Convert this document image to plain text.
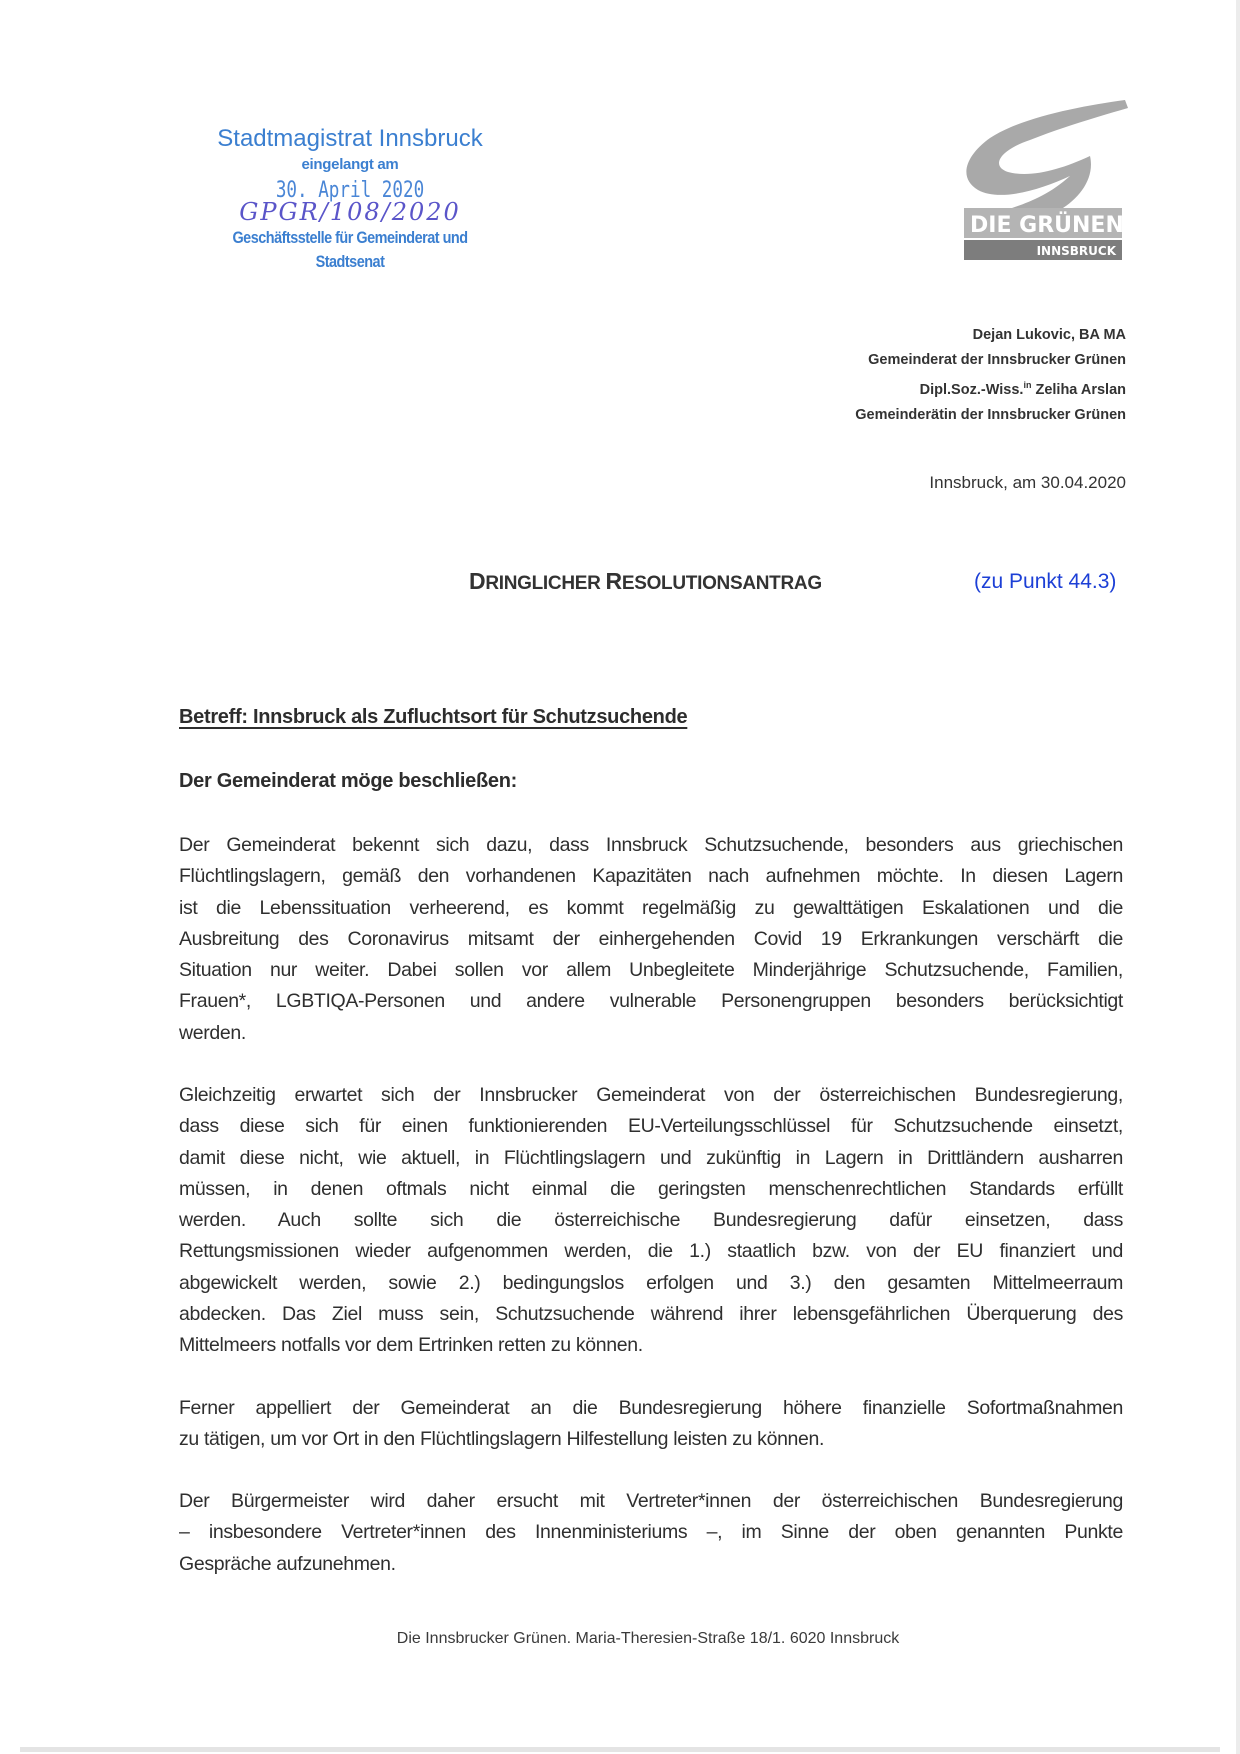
Stadtmagistrat Innsbruck
eingelangt am
30. April 2020
GPGR/108/2020
Geschäftsstelle für Gemeinderat und Stadtsenat
DIE GRÜNEN
INNSBRUCK
Dejan Lukovic, BA MA
Gemeinderat der Innsbrucker Grünen
Dipl.Soz.-Wiss.$^{in}$ Zeliha Arslan
Gemeinderätin der Innsbrucker Grünen
Innsbruck, am 30.04.2020
DRINGLICHER RESOLUTIONSANTRAG	(zu Punkt 44.3)
Betreff: Innsbruck als Zufluchtsort für Schutzsuchende
Der Gemeinderat möge beschließen:
Der Gemeinderat bekennt sich dazu, dass Innsbruck Schutzsuchende, besonders aus griechischen
Flüchtlingslagern, gemäß den vorhandenen Kapazitäten nach aufnehmen möchte. In diesen Lagern
ist die Lebenssituation verheerend, es kommt regelmäßig zu gewalttätigen Eskalationen und die
Ausbreitung des Coronavirus mitsamt der einhergehenden Covid 19 Erkrankungen verschärft die
Situation nur weiter. Dabei sollen vor allem Unbegleitete Minderjährige Schutzsuchende, Familien,
Frauen*, LGBTIQA-Personen und andere vulnerable Personengruppen besonders berücksichtigt
werden.
Gleichzeitig erwartet sich der Innsbrucker Gemeinderat von der österreichischen Bundesregierung,
dass diese sich für einen funktionierenden EU-Verteilungsschlüssel für Schutzsuchende einsetzt,
damit diese nicht, wie aktuell, in Flüchtlingslagern und zukünftig in Lagern in Drittländern ausharren
müssen, in denen oftmals nicht einmal die geringsten menschenrechtlichen Standards erfüllt
werden. Auch sollte sich die österreichische Bundesregierung dafür einsetzen, dass
Rettungsmissionen wieder aufgenommen werden, die 1.) staatlich bzw. von der EU finanziert und
abgewickelt werden, sowie 2.) bedingungslos erfolgen und 3.) den gesamten Mittelmeerraum
abdecken. Das Ziel muss sein, Schutzsuchende während ihrer lebensgefährlichen Überquerung des
Mittelmeers notfalls vor dem Ertrinken retten zu können.
Ferner appelliert der Gemeinderat an die Bundesregierung höhere finanzielle Sofortmaßnahmen
zu tätigen, um vor Ort in den Flüchtlingslagern Hilfestellung leisten zu können.
Der Bürgermeister wird daher ersucht mit Vertreter*innen der österreichischen Bundesregierung
– insbesondere Vertreter*innen des Innenministeriums –, im Sinne der oben genannten Punkte
Gespräche aufzunehmen.
Die Innsbrucker Grünen. Maria-Theresien-Straße 18/1. 6020 Innsbruck
